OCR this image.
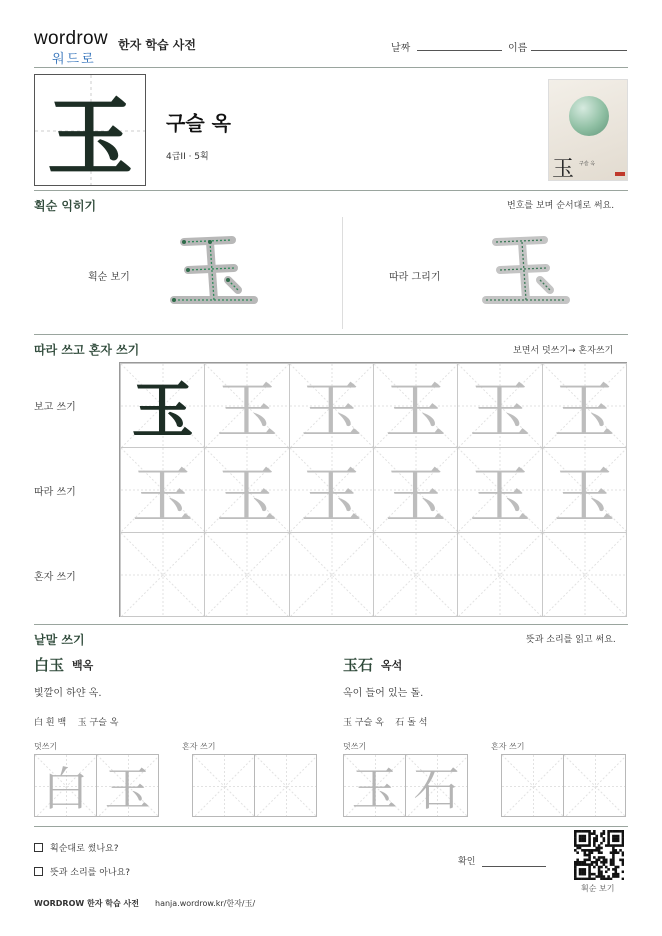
wordrow
워드로
한자 학습 사전	날짜	이름
玉	구슬 옥
4급II · 5획	玉 구슬 옥
획순 익히기	번호를 보며 순서대로 써요.
획순 보기	따라 그리기
따라 쓰고 혼자 쓰기	보면서 덧쓰기→ 혼자쓰기
보고 쓰기
따라 쓰기
혼자 쓰기
玉 玉 玉 玉 玉 玉
玉 玉 玉 玉 玉 玉
낱말 쓰기	뜻과 소리를 읽고 써요.
白玉 백옥
빛깔이 하얀 옥.
白 흰 백 玉 구슬 옥
덧쓰기	혼자 쓰기
玉石 옥석
옥이 들어 있는 돌.
玉 구슬 옥 石 돌 석
덧쓰기	혼자 쓰기
白 玉	玉 石
획순대로 썼나요?
뜻과 소리를 아나요?
확인
획순 보기
WORDROW 한자 학습 사전 hanja.wordrow.kr/한자/玉/
